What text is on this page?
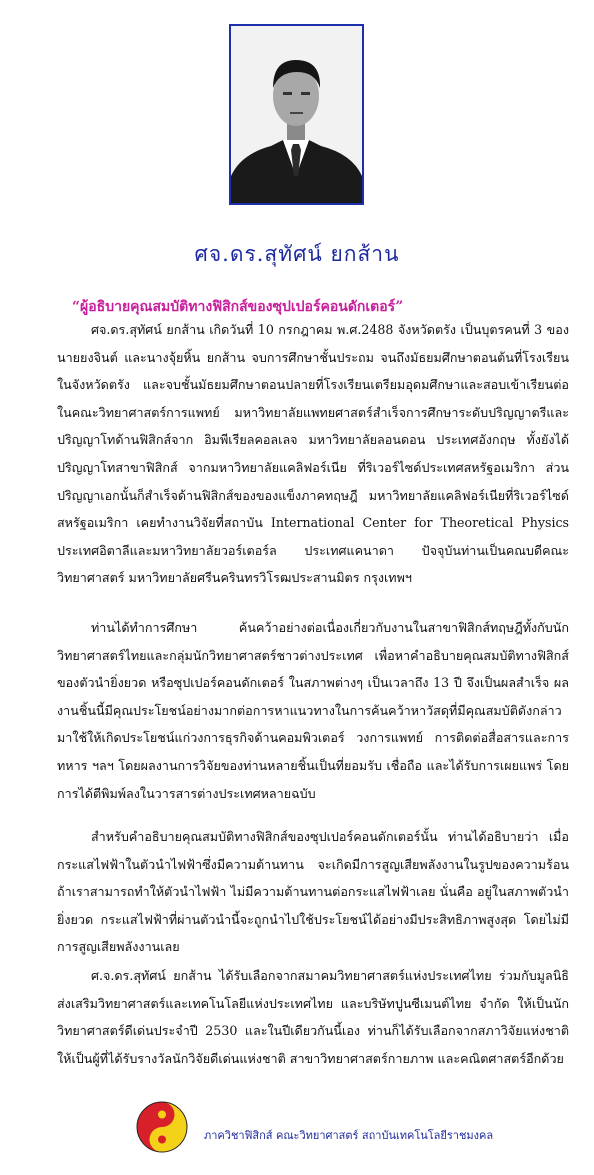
ศจ.ดร.สุทัศน์ ยกส้าน
“ผู้อธิบายคุณสมบัติทางฟิสิกส์ของซุปเปอร์คอนดักเตอร์”
ศจ.ดร.สุทัศน์ ยกส้าน เกิดวันที่ 10 กรกฎาคม พ.ศ.2488 จังหวัดตรัง เป็นบุตรคนที่ 3 ของนายยงจินต์ และนางจุ้ยหิ้น ยกส้าน จบการศึกษาชั้นประถม จนถึงมัธยมศึกษาตอนต้นที่โรงเรียนในจังหวัดตรัง และจบชั้นมัธยมศึกษาตอนปลายที่โรงเรียนเตรียมอุดมศึกษาและสอบเข้าเรียนต่อในคณะวิทยาศาสตร์การแพทย์ มหาวิทยาลัยแพทยศาสตร์สำเร็จการศึกษาระดับปริญญาตรีและปริญญาโทด้านฟิสิกส์จาก อิมพีเรียลคอลเลจ มหาวิทยาลัยลอนดอน ประเทศอังกฤษ ทั้งยังได้ปริญญาโทสาขาฟิสิกส์ จากมหาวิทยาลัยแคลิฟอร์เนีย ที่ริเวอร์ไซด์ประเทศสหรัฐอเมริกา ส่วนปริญญาเอกนั้นก็สำเร็จด้านฟิสิกส์ของของแข็งภาคทฤษฎี มหาวิทยาลัยแคลิฟอร์เนียที่ริเวอร์ไซด์ สหรัฐอเมริกา เคยทำงานวิจัยที่สถาบัน International Center for Theoretical Physics ประเทศอิตาลีและมหาวิทยาลัยวอร์เตอร์ล ประเทศแคนาดา ปัจจุบันท่านเป็นคณบดีคณะวิทยาศาสตร์ มหาวิทยาลัยศรีนครินทรวิโรฒประสานมิตร กรุงเทพฯ
ท่านได้ทำการศึกษา ค้นคว้าอย่างต่อเนื่องเกี่ยวกับงานในสาขาฟิสิกส์ทฤษฎีทั้งกับนักวิทยาศาสตร์ไทยและกลุ่มนักวิทยาศาสตร์ชาวต่างประเทศ เพื่อหาคำอธิบายคุณสมบัติทางฟิสิกส์ของตัวนำยิ่งยวด หรือซุปเปอร์คอนดักเตอร์ ในสภาพต่างๆ เป็นเวลาถึง 13 ปี จึงเป็นผลสำเร็จ ผลงานชิ้นนี้มีคุณประโยชน์อย่างมากต่อการหาแนวทางในการค้นคว้าหาวัสดุที่มีคุณสมบัติดังกล่าว มาใช้ให้เกิดประโยชน์แก่วงการธุรกิจด้านคอมพิวเตอร์ วงการแพทย์ การติดต่อสื่อสารและการทหาร ฯลฯ โดยผลงานการวิจัยของท่านหลายชิ้นเป็นที่ยอมรับ เชื่อถือ และได้รับการเผยแพร่ โดยการได้ตีพิมพ์ลงในวารสารต่างประเทศหลายฉบับ
สำหรับคำอธิบายคุณสมบัติทางฟิสิกส์ของซุปเปอร์คอนดักเตอร์นั้น ท่านได้อธิบายว่า เมื่อกระแสไฟฟ้าในตัวนำไฟฟ้าซึ่งมีความต้านทาน จะเกิดมีการสูญเสียพลังงานในรูปของความร้อน ถ้าเราสามารถทำให้ตัวนำไฟฟ้า ไม่มีความต้านทานต่อกระแสไฟฟ้าเลย นั่นคือ อยู่ในสภาพตัวนำยิ่งยวด กระแสไฟฟ้าที่ผ่านตัวนำนี้จะถูกนำไปใช้ประโยชน์ได้อย่างมีประสิทธิภาพสูงสุด โดยไม่มีการสูญเสียพลังงานเลย
ศ.จ.ดร.สุทัศน์ ยกส้าน ได้รับเลือกจากสมาคมวิทยาศาสตร์แห่งประเทศไทย ร่วมกับมูลนิธิส่งเสริมวิทยาศาสตร์และเทคโนโลยีแห่งประเทศไทย และบริษัทปูนซีเมนต์ไทย จำกัด ให้เป็นนักวิทยาศาสตร์ดีเด่นประจำปี 2530 และในปีเดียวกันนี้เอง ท่านก็ได้รับเลือกจากสภาวิจัยแห่งชาติให้เป็นผู้ที่ได้รับรางวัลนักวิจัยดีเด่นแห่งชาติ สาขาวิทยาศาสตร์กายภาพ และคณิตศาสตร์อีกด้วย
ภาควิชาฟิสิกส์ คณะวิทยาศาสตร์ สถาบันเทคโนโลยีราชมงคล
